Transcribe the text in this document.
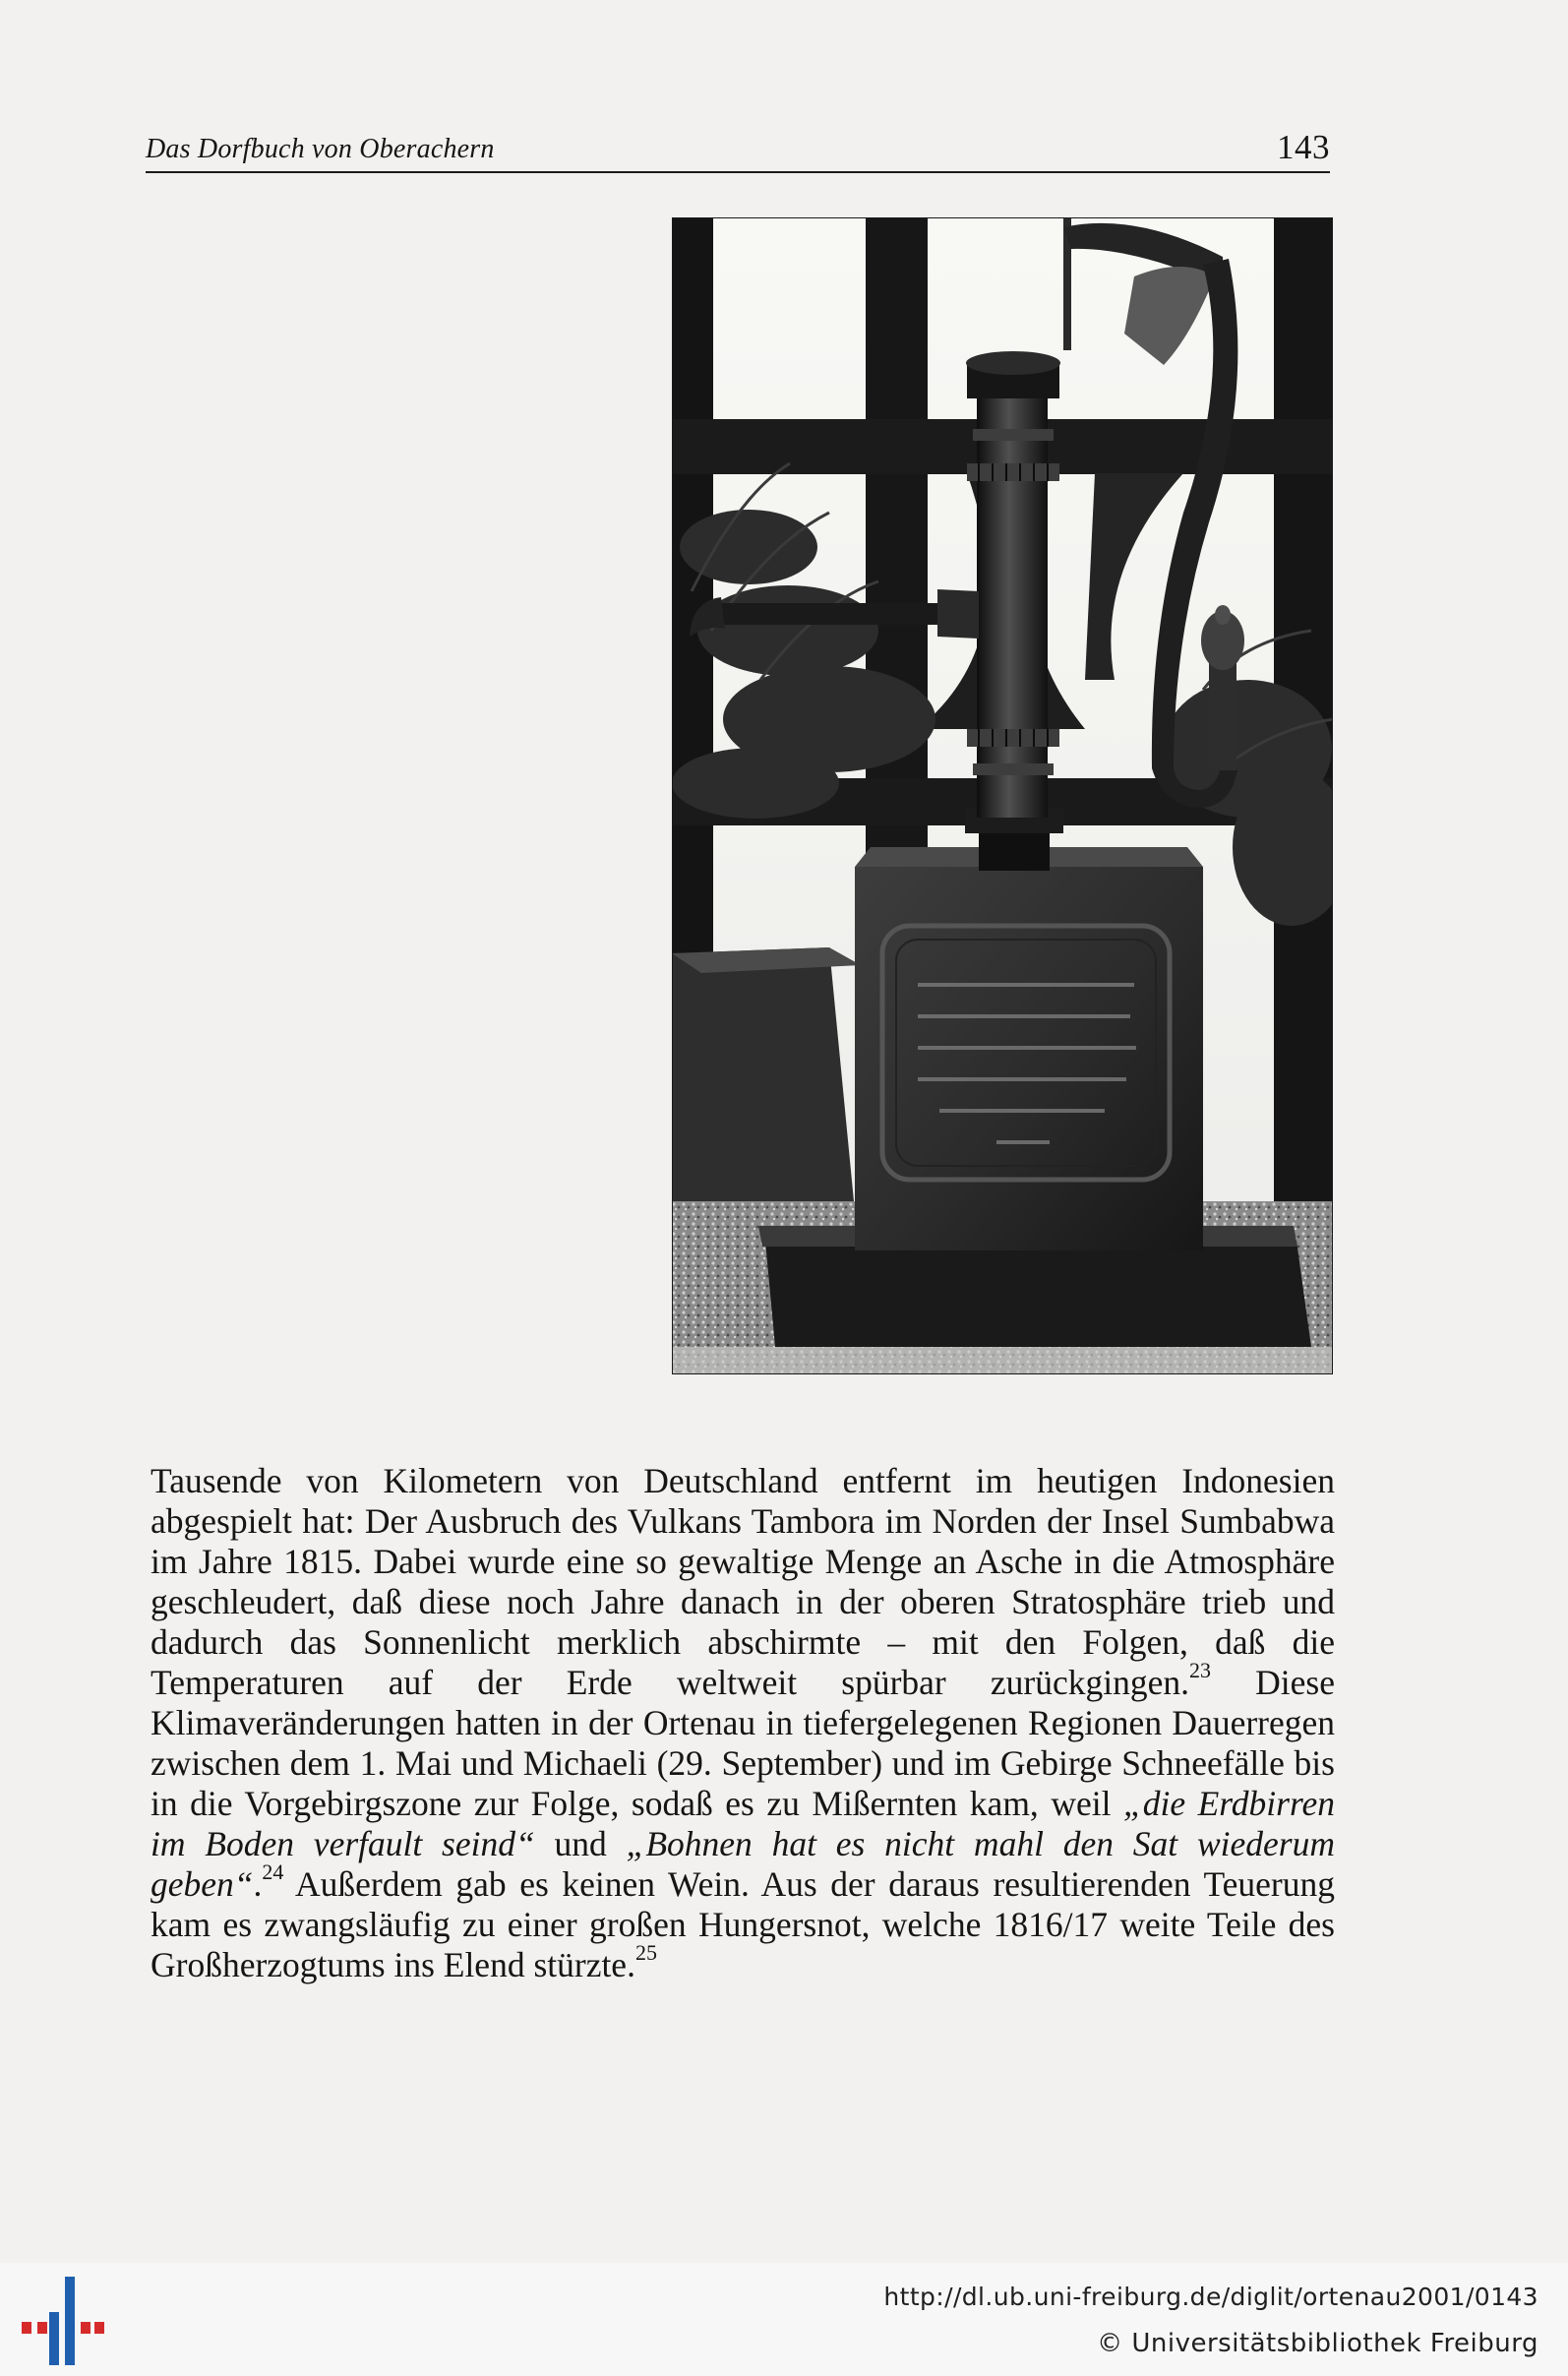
Das Dorfbuch von Oberachern	143

Tausende von Kilometern von Deutschland entfernt im heutigen Indonesien abgespielt hat: Der Ausbruch des Vulkans Tambora im Norden der Insel Sumbabwa im Jahre 1815. Dabei wurde eine so gewaltige Menge an Asche in die Atmosphäre geschleudert, daß diese noch Jahre danach in der oberen Stratosphäre trieb und dadurch das Sonnenlicht merklich abschirmte – mit den Folgen, daß die Temperaturen auf der Erde weltweit spürbar zurückgingen.$^{23}$ Diese Klimaveränderungen hatten in der Ortenau in tiefergelegenen Regionen Dauerregen zwischen dem 1. Mai und Michaeli (29. September) und im Gebirge Schneefälle bis in die Vorgebirgszone zur Folge, sodaß es zu Mißernten kam, weil „die Erdbirren im Boden verfault seind“ und „Bohnen hat es nicht mahl den Sat wiederum geben“.$^{24}$ Außerdem gab es keinen Wein. Aus der daraus resultierenden Teuerung kam es zwangsläufig zu einer großen Hungersnot, welche 1816/17 weite Teile des Großherzogtums ins Elend stürzte.$^{25}$

http://dl.ub.uni-freiburg.de/diglit/ortenau2001/0143
© Universitätsbibliothek Freiburg
